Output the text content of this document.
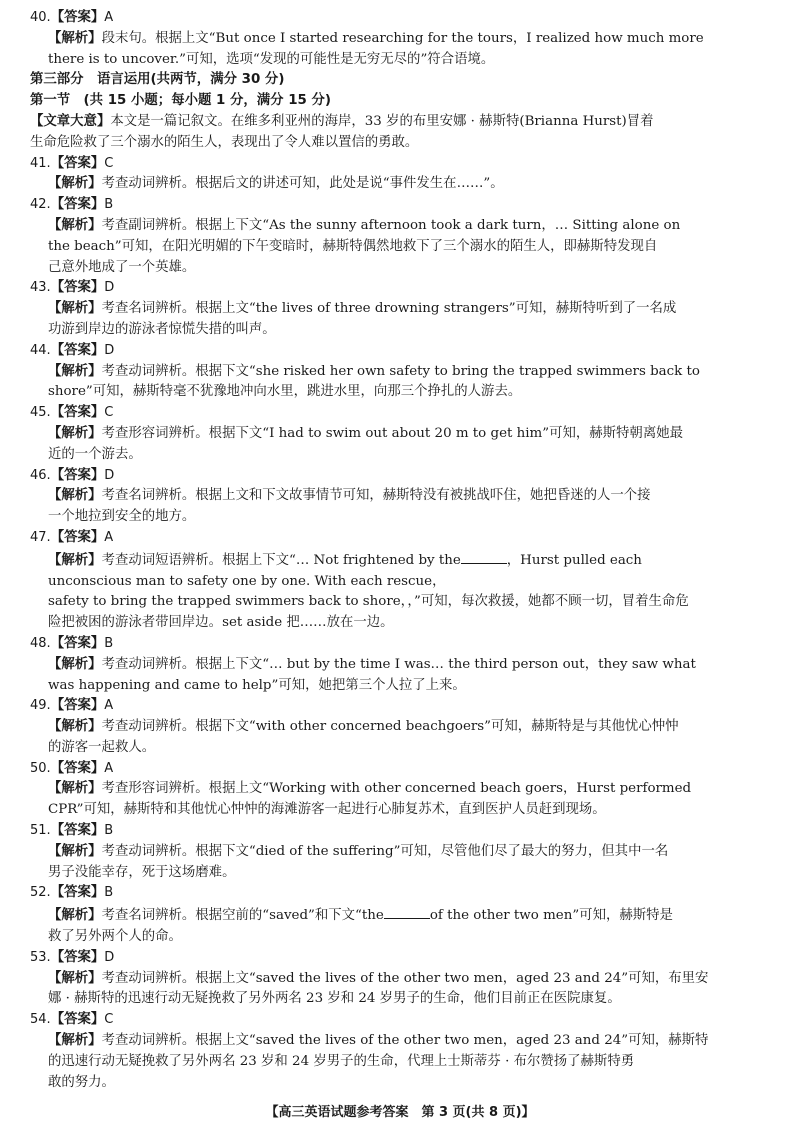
40.【答案】A
【解析】段末句。根据上文“But once I started researching for the tours，I realized how much more
there is to uncover.”可知，选项“发现的可能性是无穷无尽的”符合语境。
第三部分　语言运用(共两节，满分 30 分)
第一节　(共 15 小题；每小题 1 分，满分 15 分)
【文章大意】本文是一篇记叙文。在维多利亚州的海岸，33 岁的布里安娜 · 赫斯特(Brianna Hurst)冒着
生命危险救了三个溺水的陌生人，表现出了令人难以置信的勇敢。
41.【答案】C
【解析】考查动词辨析。根据后文的讲述可知，此处是说“事件发生在……”。
42.【答案】B
【解析】考查副词辨析。根据上下文“As the sunny afternoon took a dark turn，… Sitting alone on
the beach”可知，在阳光明媚的下午变暗时，赫斯特偶然地救下了三个溺水的陌生人，即赫斯特发现自
己意外地成了一个英雄。
43.【答案】D
【解析】考查名词辨析。根据上文“the lives of three drowning strangers”可知，赫斯特听到了一名成
功游到岸边的游泳者惊慌失措的叫声。
44.【答案】D
【解析】考查动词辨析。根据下文“she risked her own safety to bring the trapped swimmers back to
shore”可知，赫斯特毫不犹豫地冲向水里，跳进水里，向那三个挣扎的人游去。
45.【答案】C
【解析】考查形容词辨析。根据下文“I had to swim out about 20 m to get him”可知，赫斯特朝离她最
近的一个游去。
46.【答案】D
【解析】考查名词辨析。根据上文和下文故事情节可知，赫斯特没有被挑战吓住，她把昏迷的人一个接
一个地拉到安全的地方。
47.【答案】A
【解析】考查动词短语辨析。根据上下文“… Not frightened by the	，Hurst pulled each
unconscious man to safety one by one. With each rescue，
safety to bring the trapped swimmers back to shore，，”可知，每次救援，她都不顾一切，冒着生命危
险把被困的游泳者带回岸边。set aside 把……放在一边。
48.【答案】B
【解析】考查动词辨析。根据上下文“… but by the time I was… the third person out，they saw what
was happening and came to help”可知，她把第三个人拉了上来。
49.【答案】A
【解析】考查动词辨析。根据下文“with other concerned beachgoers”可知，赫斯特是与其他忧心忡忡
的游客一起救人。
50.【答案】A
【解析】考查形容词辨析。根据上文“Working with other concerned beach goers，Hurst performed
CPR”可知，赫斯特和其他忧心忡忡的海滩游客一起进行心肺复苏术，直到医护人员赶到现场。
51.【答案】B
【解析】考查动词辨析。根据下文“died of the suffering”可知，尽管他们尽了最大的努力，但其中一名
男子没能幸存，死于这场磨难。
52.【答案】B
【解析】考查名词辨析。根据空前的“saved”和下文“the	of the other two men”可知，赫斯特是
救了另外两个人的命。
53.【答案】D
【解析】考查动词辨析。根据上文“saved the lives of the other two men，aged 23 and 24”可知，布里安
娜 · 赫斯特的迅速行动无疑挽救了另外两名 23 岁和 24 岁男子的生命，他们目前正在医院康复。
54.【答案】C
【解析】考查动词辨析。根据上文“saved the lives of the other two men，aged 23 and 24”可知，赫斯特
的迅速行动无疑挽救了另外两名 23 岁和 24 岁男子的生命，代理上士斯蒂芬 · 布尔赞扬了赫斯特勇
敢的努力。
【高三英语试题参考答案　第 3 页(共 8 页)】
